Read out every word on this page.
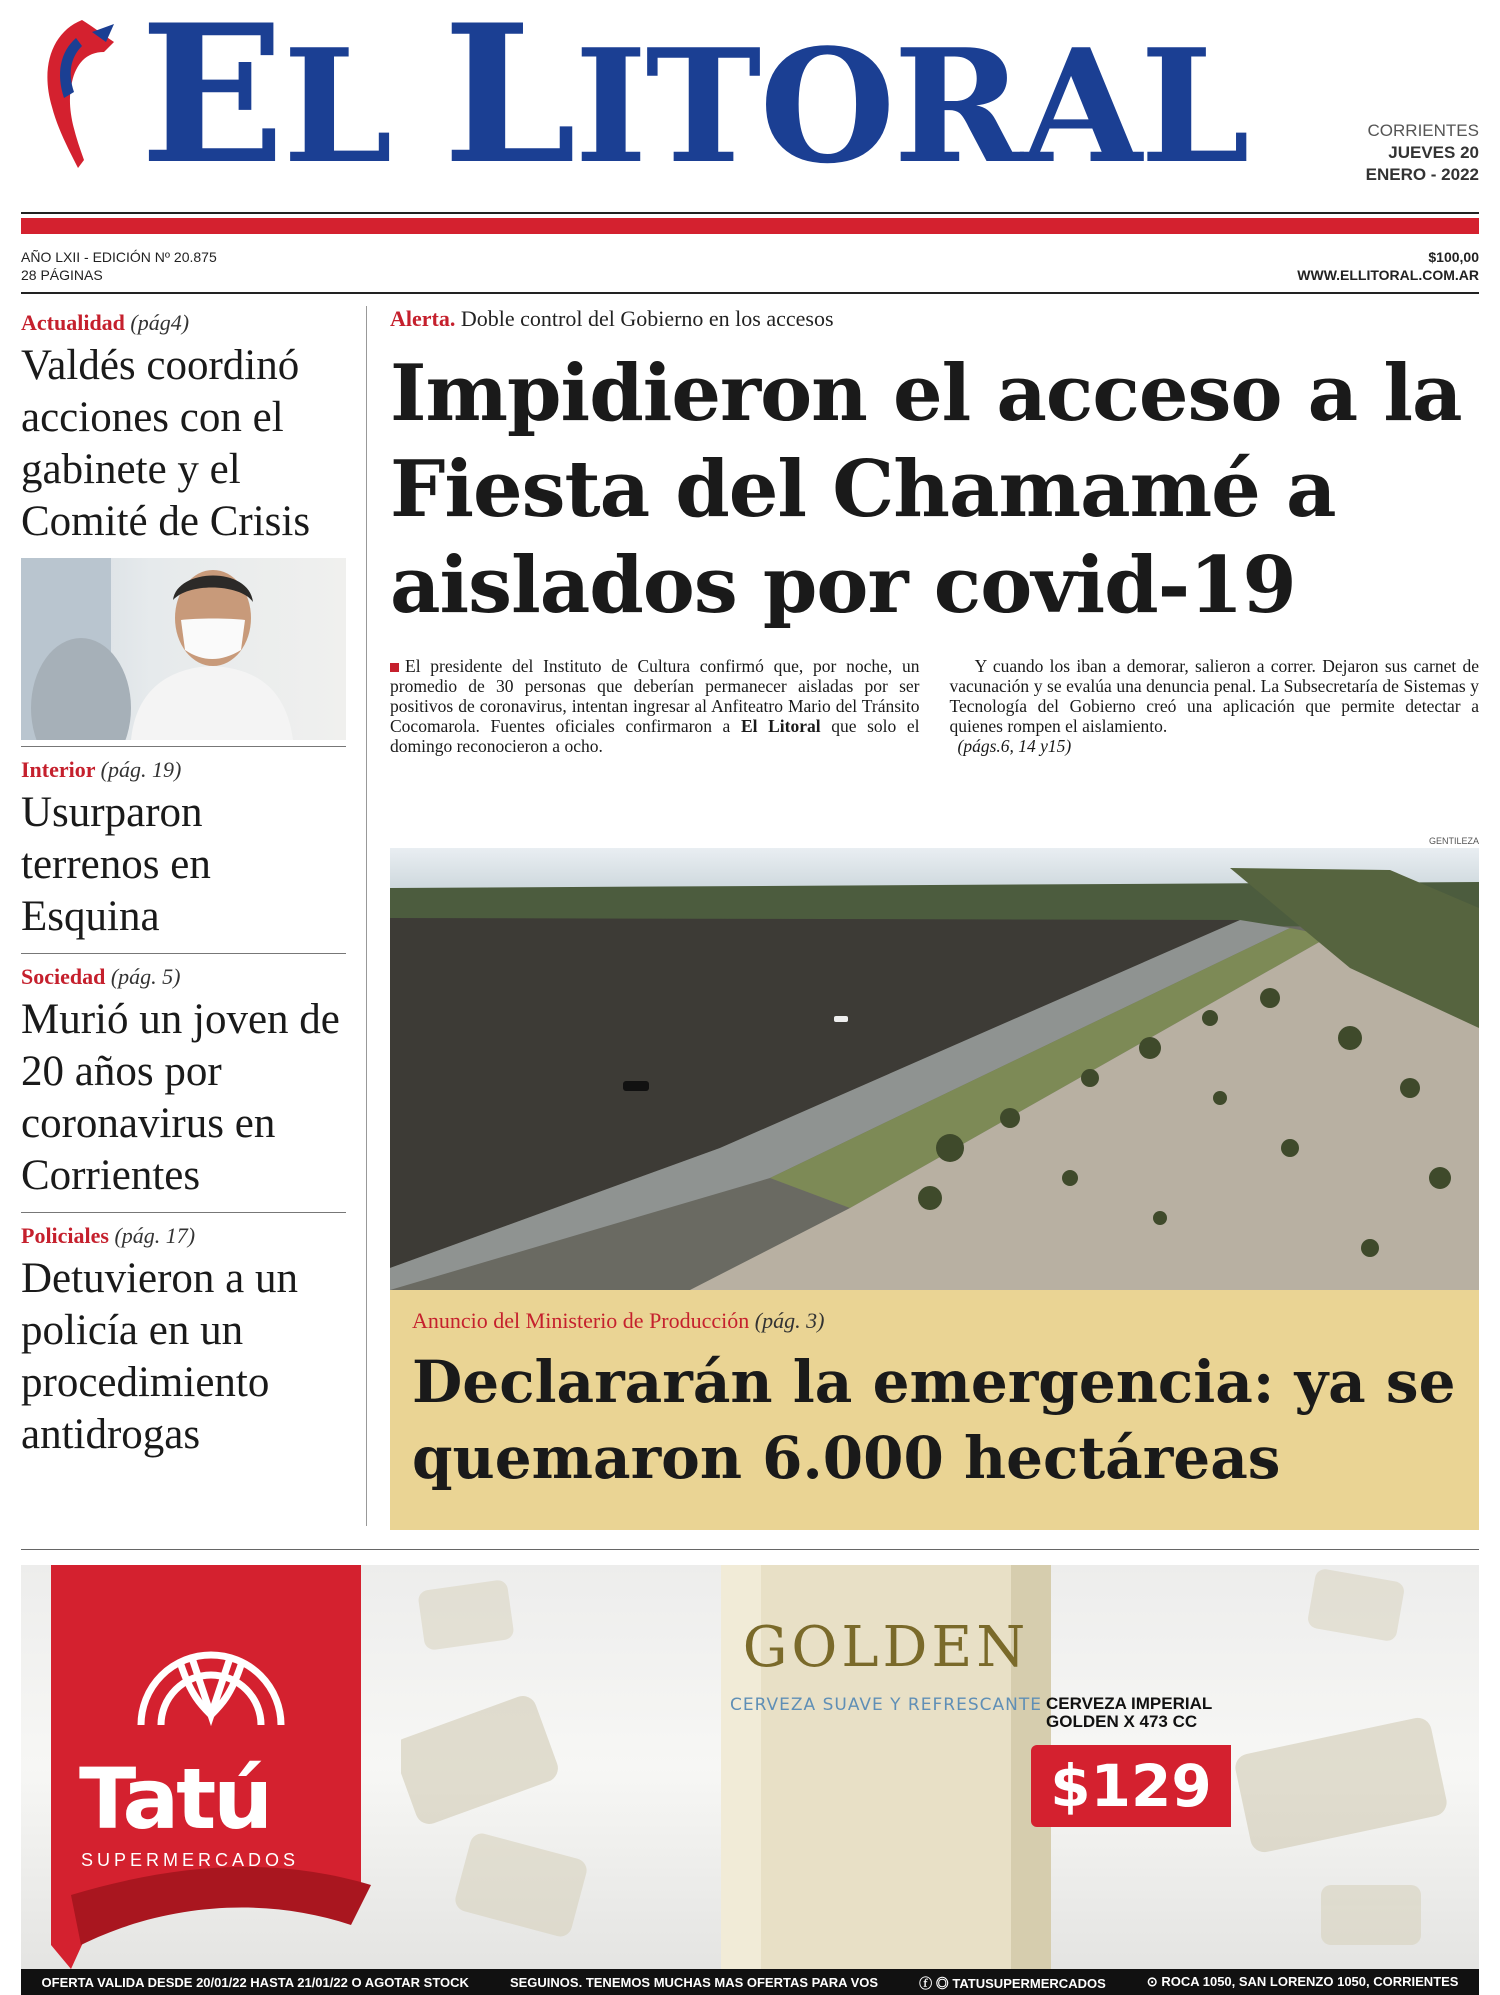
EL LITORAL	CORRIENTES
JUEVES 20
ENERO - 2022
AÑO LXII - EDICIÓN Nº 20.875
28 PÁGINAS
$100,00
WWW.ELLITORAL.COM.AR
Actualidad (pág4)
Valdés coordinó acciones con el gabinete y el Comité de Crisis
Interior (pág. 19)
Usurparon terrenos en Esquina
Sociedad (pág. 5)
Murió un joven de 20 años por coronavirus en Corrientes
Policiales (pág. 17)
Detuvieron a un policía en un procedimiento antidrogas
Alerta. Doble control del Gobierno en los accesos
Impidieron el acceso a la Fiesta del Chamamé a aislados por covid-19
El presidente del Instituto de Cultura confirmó que, por noche, un promedio de 30 personas que deberían permanecer aisladas por ser positivos de coronavirus, intentan ingresar al Anfiteatro Mario del Tránsito Cocomarola. Fuentes oficiales confirmaron a El Litoral que solo el domingo reconocieron a ocho.
Y cuando los iban a demorar, salieron a correr. Dejaron sus carnet de vacunación y se evalúa una denuncia penal. La Subsecretaría de Sistemas y Tecnología del Gobierno creó una aplicación que permite detectar a quienes rompen el aislamiento.
(págs.6, 14 y15)
GENTILEZA
Anuncio del Ministerio de Producción (pág. 3)
Declararán la emergencia: ya se quemaron 6.000 hectáreas
Tatú
SUPERMERCADOS
GOLDEN
CERVEZA SUAVE Y REFRESCANTE CERVEZA IMPERIAL
GOLDEN X 473 CC
$129
OFERTA VALIDA DESDE 20/01/22 HASTA 21/01/22 O AGOTAR STOCK	SEGUINOS. TENEMOS MUCHAS MAS OFERTAS PARA VOS	ⓕ ◎ TATUSUPERMERCADOS	⊙ ROCA 1050, SAN LORENZO 1050, CORRIENTES
